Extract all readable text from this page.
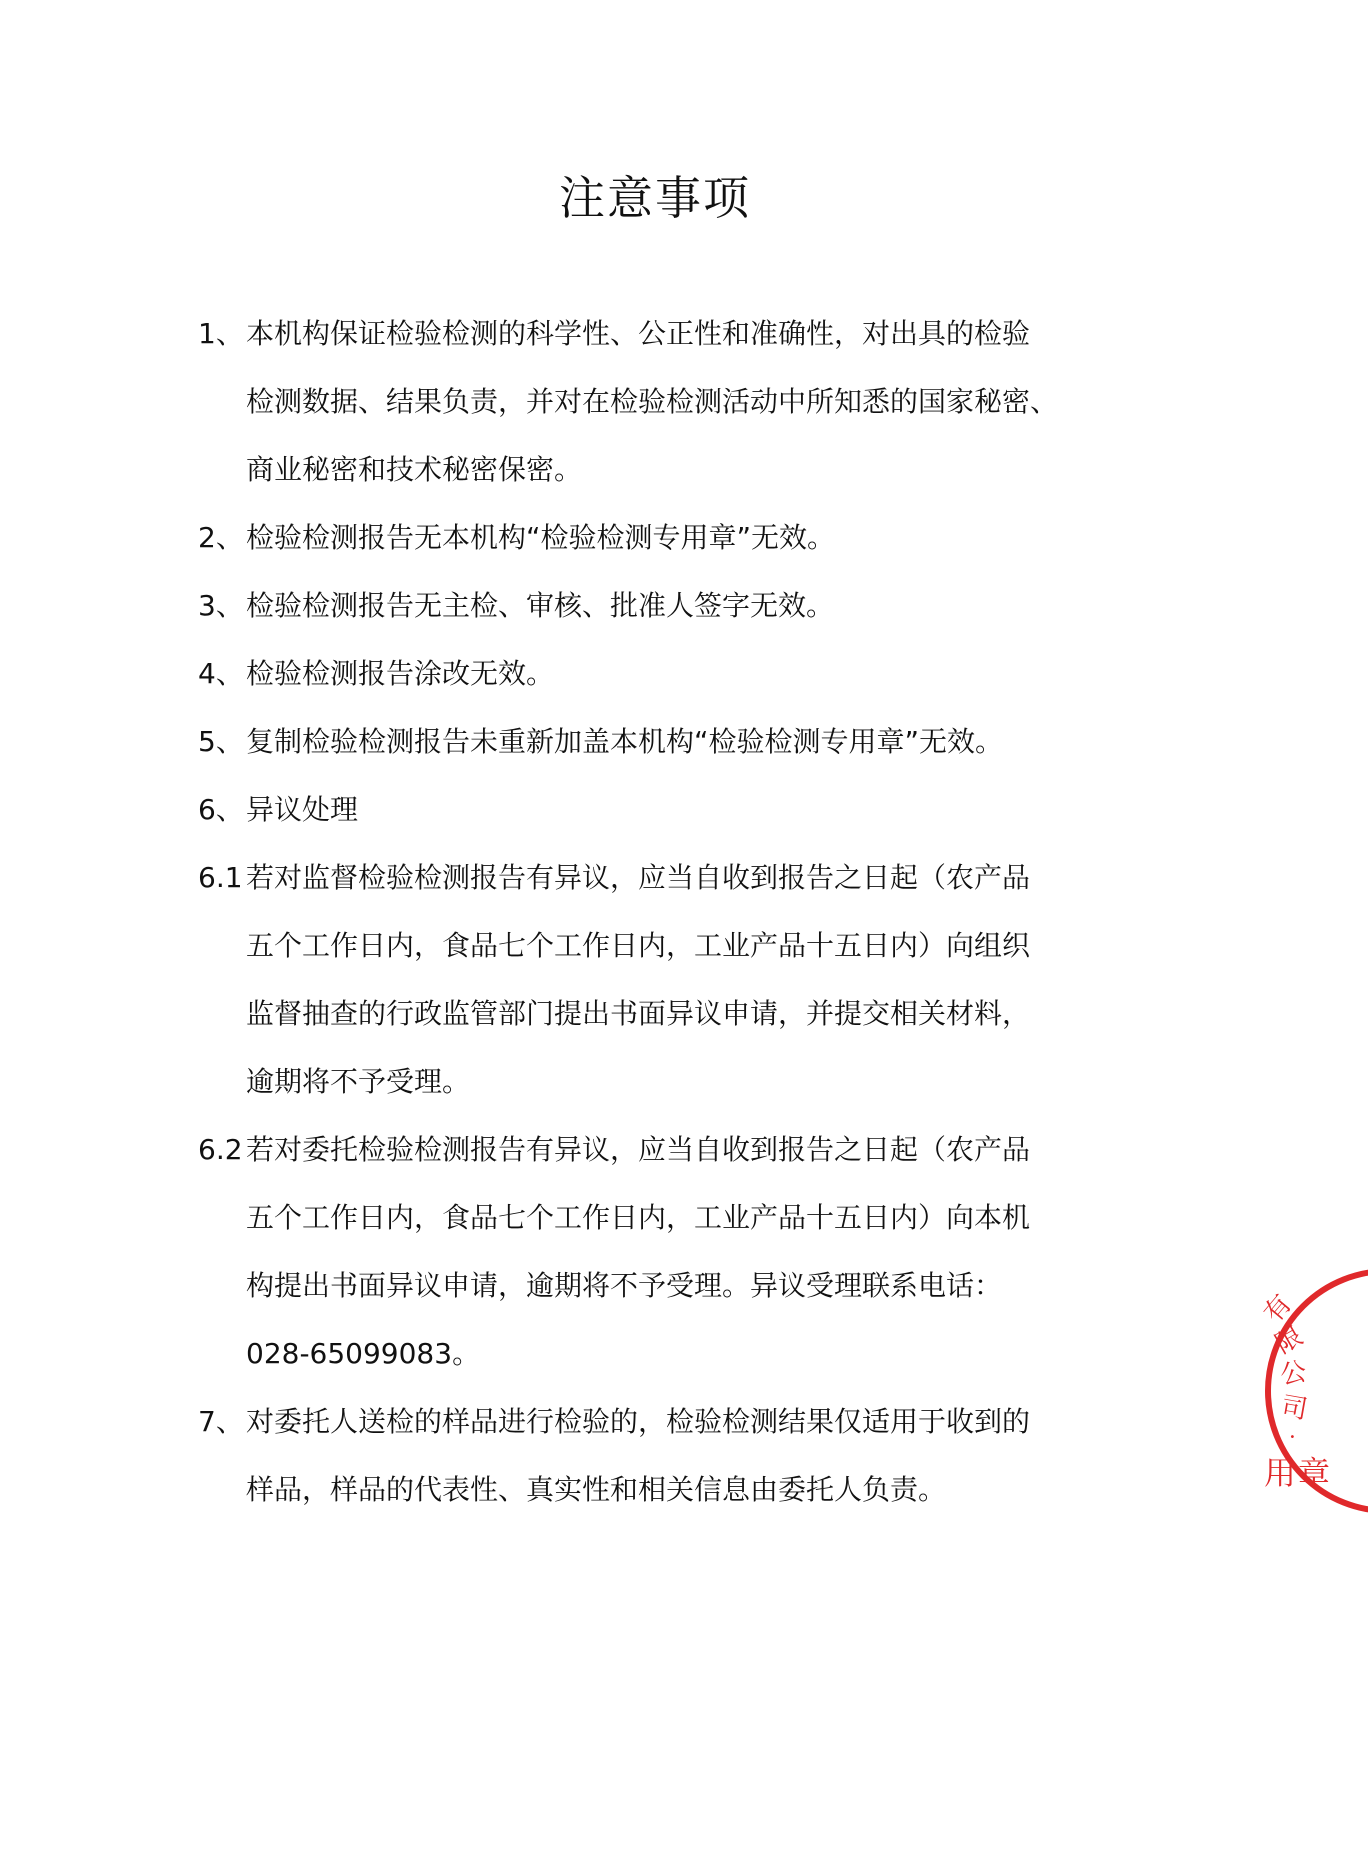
注意事项
1、 本机构保证检验检测的科学性、公正性和准确性，对出具的检验
检测数据、结果负责，并对在检验检测活动中所知悉的国家秘密、
商业秘密和技术秘密保密。
2、 检验检测报告无本机构“检验检测专用章”无效。
3、 检验检测报告无主检、审核、批准人签字无效。
4、 检验检测报告涂改无效。
5、 复制检验检测报告未重新加盖本机构“检验检测专用章”无效。
6、 异议处理
6.1 若对监督检验检测报告有异议，应当自收到报告之日起（农产品
五个工作日内，食品七个工作日内，工业产品十五日内）向组织
监督抽查的行政监管部门提出书面异议申请，并提交相关材料，
逾期将不予受理。
6.2 若对委托检验检测报告有异议，应当自收到报告之日起（农产品
五个工作日内，食品七个工作日内，工业产品十五日内）向本机
构提出书面异议申请，逾期将不予受理。异议受理联系电话：
028-65099083。
7、 对委托人送检的样品进行检验的，检验检测结果仅适用于收到的
样品，样品的代表性、真实性和相关信息由委托人负责。
有
限
公
司
·
用 章
